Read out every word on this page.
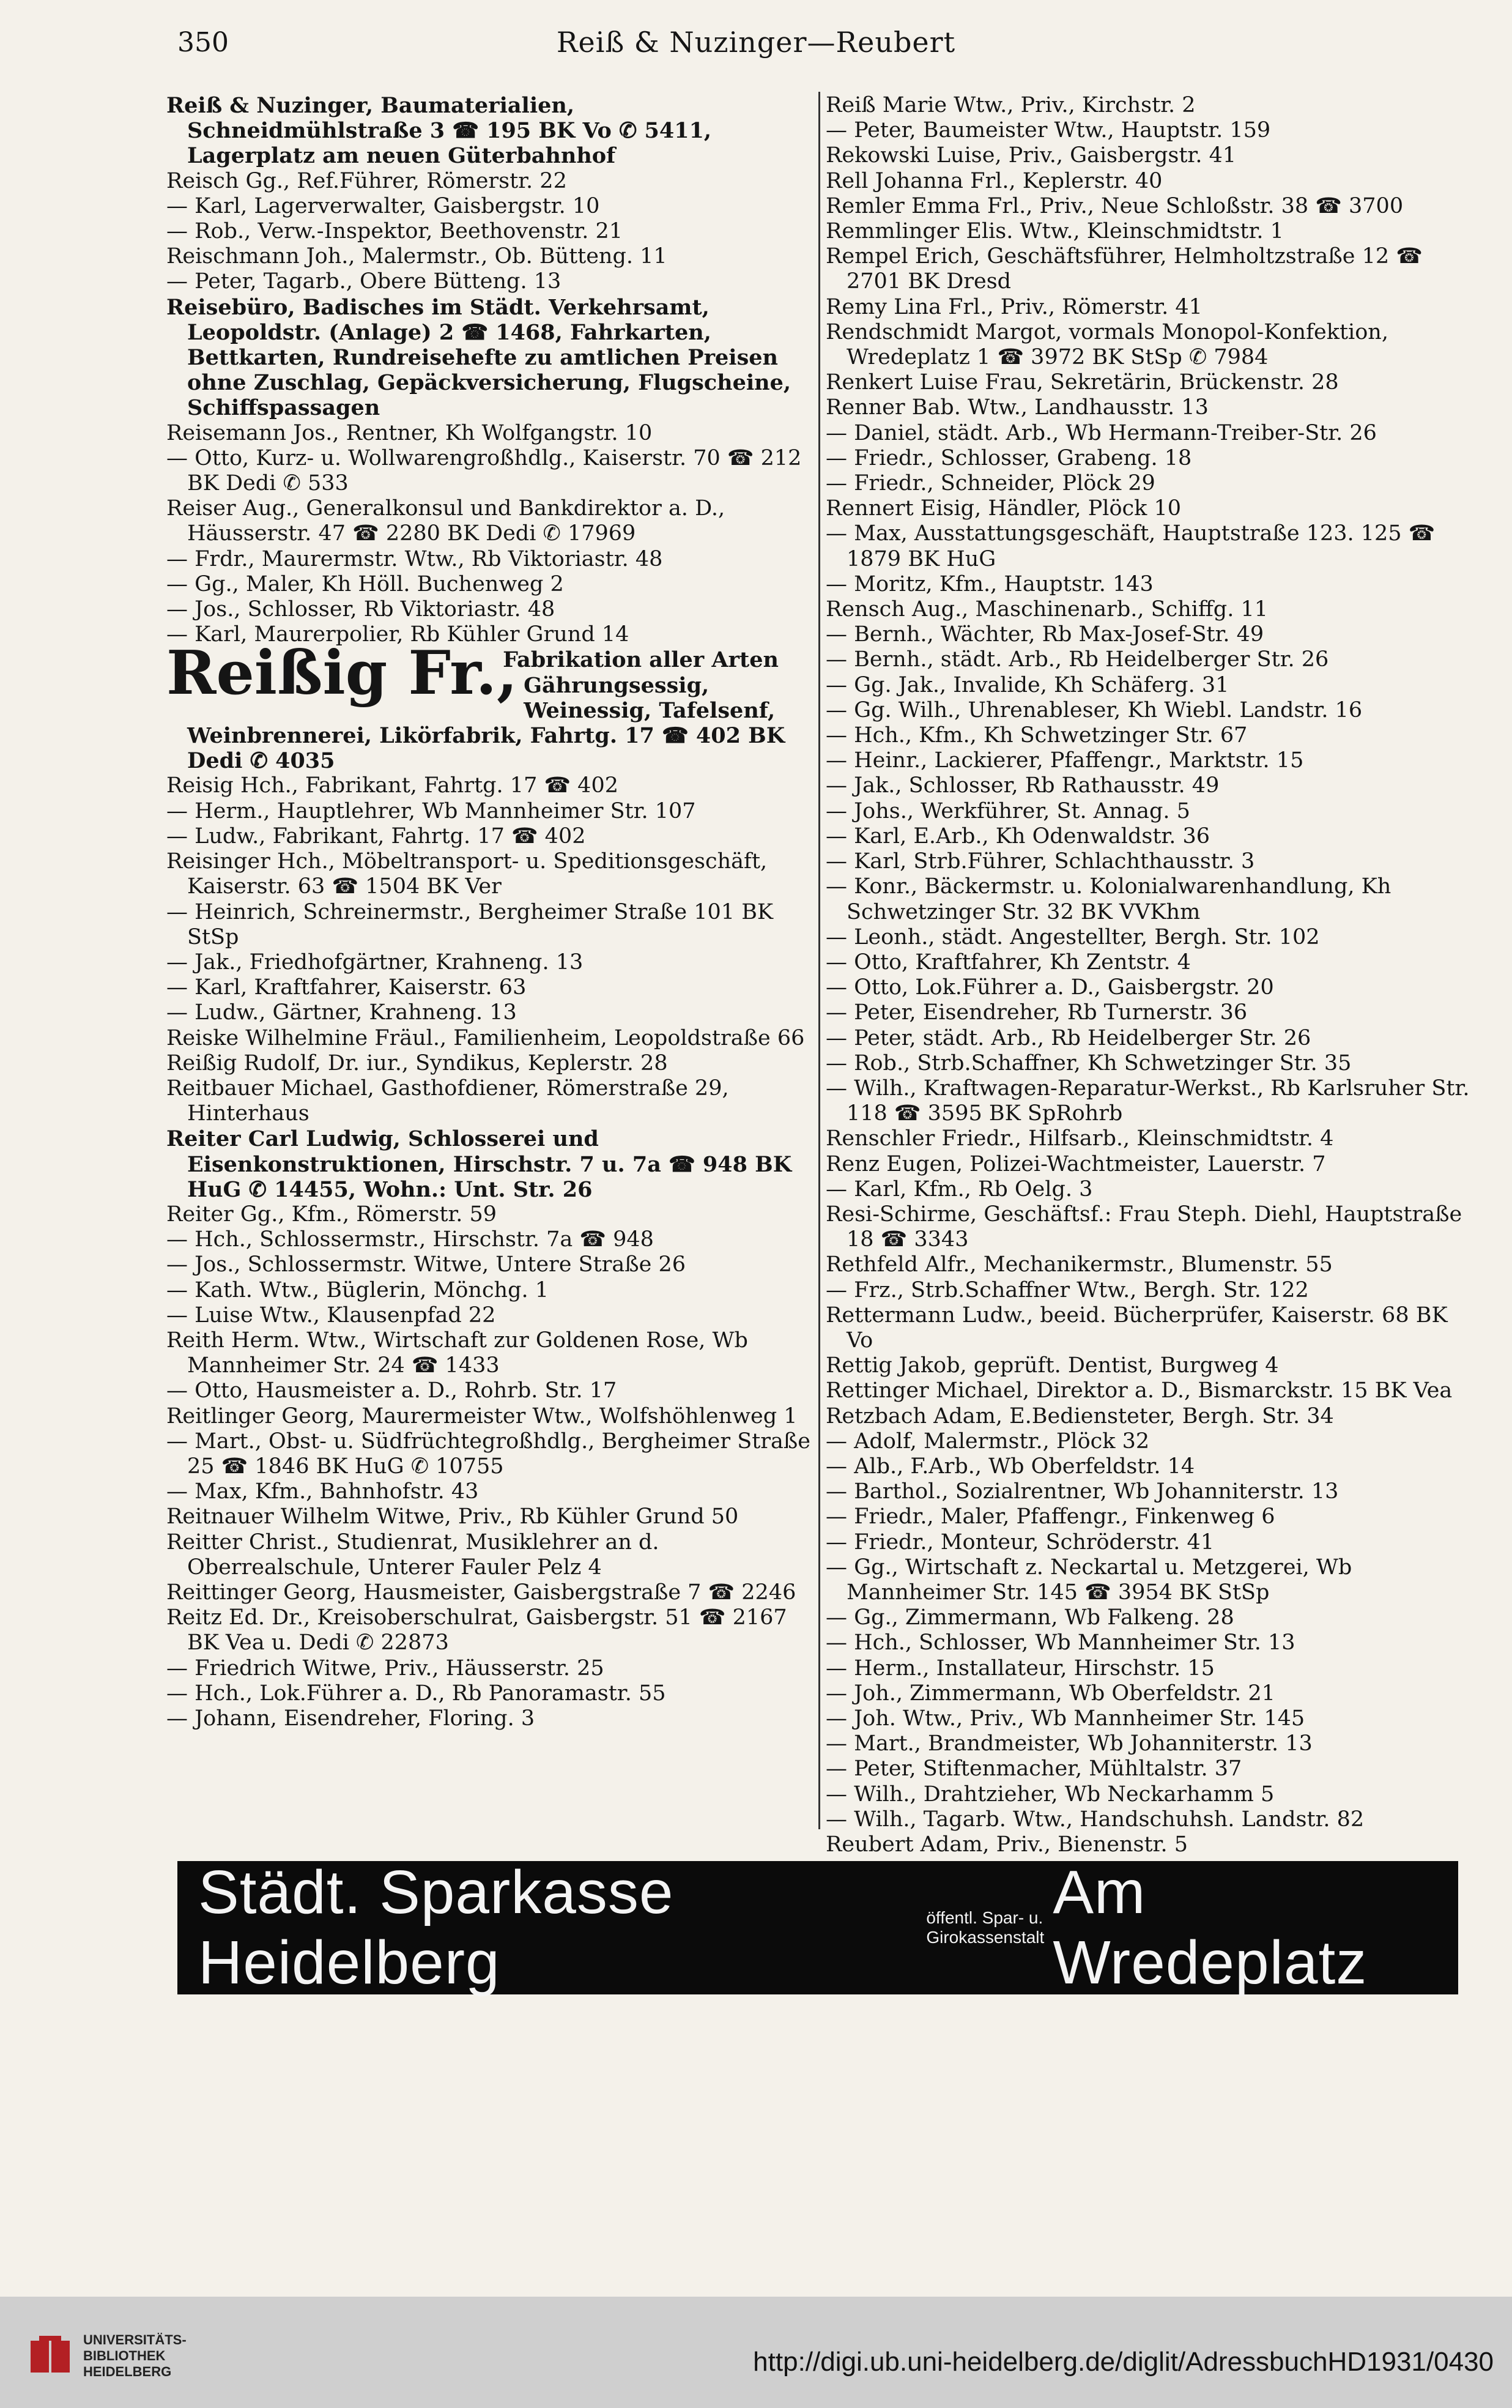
350	Reiß & Nuzinger—Reubert

Reiß & Nuzinger, Baumaterialien, Schneidmühlstraße 3 ☎ 195 BK Vo ✆ 5411, Lagerplatz am neuen Güterbahnhof

Reisch Gg., Ref.Führer, Römerstr. 22

— Karl, Lagerverwalter, Gaisbergstr. 10

— Rob., Verw.-Inspektor, Beethovenstr. 21

Reischmann Joh., Malermstr., Ob. Bütteng. 11

— Peter, Tagarb., Obere Bütteng. 13

Reisebüro, Badisches im Städt. Verkehrsamt, Leopoldstr. (Anlage) 2 ☎ 1468, Fahrkarten, Bettkarten, Rundreisehefte zu amtlichen Preisen ohne Zuschlag, Gepäckversicherung, Flugscheine, Schiffspassagen

Reisemann Jos., Rentner, Kh Wolfgangstr. 10

— Otto, Kurz- u. Wollwarengroßhdlg., Kaiserstr. 70 ☎ 212 BK Dedi ✆ 533

Reiser Aug., Generalkonsul und Bankdirektor a. D., Häusserstr. 47 ☎ 2280 BK Dedi ✆ 17969

— Frdr., Maurermstr. Wtw., Rb Viktoriastr. 48

— Gg., Maler, Kh Höll. Buchenweg 2

— Jos., Schlosser, Rb Viktoriastr. 48

— Karl, Maurerpolier, Rb Kühler Grund 14

Reißig Fr.,
Fabrikation aller Arten Gährungsessig, Weinessig, Tafelsenf, Weinbrennerei, Likörfabrik, Fahrtg. 17 ☎ 402 BK Dedi ✆ 4035

Reisig Hch., Fabrikant, Fahrtg. 17 ☎ 402

— Herm., Hauptlehrer, Wb Mannheimer Str. 107

— Ludw., Fabrikant, Fahrtg. 17 ☎ 402

Reisinger Hch., Möbeltransport- u. Speditionsgeschäft, Kaiserstr. 63 ☎ 1504 BK Ver

— Heinrich, Schreinermstr., Bergheimer Straße 101 BK StSp

— Jak., Friedhofgärtner, Krahneng. 13

— Karl, Kraftfahrer, Kaiserstr. 63

— Ludw., Gärtner, Krahneng. 13

Reiske Wilhelmine Fräul., Familienheim, Leopoldstraße 66

Reißig Rudolf, Dr. iur., Syndikus, Keplerstr. 28

Reitbauer Michael, Gasthofdiener, Römerstraße 29, Hinterhaus

Reiter Carl Ludwig, Schlosserei und Eisenkonstruktionen, Hirschstr. 7 u. 7a ☎ 948 BK HuG ✆ 14455, Wohn.: Unt. Str. 26

Reiter Gg., Kfm., Römerstr. 59

— Hch., Schlossermstr., Hirschstr. 7a ☎ 948

— Jos., Schlossermstr. Witwe, Untere Straße 26

— Kath. Wtw., Büglerin, Mönchg. 1

— Luise Wtw., Klausenpfad 22

Reith Herm. Wtw., Wirtschaft zur Goldenen Rose, Wb Mannheimer Str. 24 ☎ 1433

— Otto, Hausmeister a. D., Rohrb. Str. 17

Reitlinger Georg, Maurermeister Wtw., Wolfshöhlenweg 1

— Mart., Obst- u. Südfrüchtegroßhdlg., Bergheimer Straße 25 ☎ 1846 BK HuG ✆ 10755

— Max, Kfm., Bahnhofstr. 43

Reitnauer Wilhelm Witwe, Priv., Rb Kühler Grund 50

Reitter Christ., Studienrat, Musiklehrer an d. Oberrealschule, Unterer Fauler Pelz 4

Reittinger Georg, Hausmeister, Gaisbergstraße 7 ☎ 2246

Reitz Ed. Dr., Kreisoberschulrat, Gaisbergstr. 51 ☎ 2167 BK Vea u. Dedi ✆ 22873

— Friedrich Witwe, Priv., Häusserstr. 25

— Hch., Lok.Führer a. D., Rb Panoramastr. 55

— Johann, Eisendreher, Floring. 3

Reiß Marie Wtw., Priv., Kirchstr. 2

— Peter, Baumeister Wtw., Hauptstr. 159

Rekowski Luise, Priv., Gaisbergstr. 41

Rell Johanna Frl., Keplerstr. 40

Remler Emma Frl., Priv., Neue Schloßstr. 38 ☎ 3700

Remmlinger Elis. Wtw., Kleinschmidtstr. 1

Rempel Erich, Geschäftsführer, Helmholtzstraße 12 ☎ 2701 BK Dresd

Remy Lina Frl., Priv., Römerstr. 41

Rendschmidt Margot, vormals Monopol-Konfektion, Wredeplatz 1 ☎ 3972 BK StSp ✆ 7984

Renkert Luise Frau, Sekretärin, Brückenstr. 28

Renner Bab. Wtw., Landhausstr. 13

— Daniel, städt. Arb., Wb Hermann-Treiber-Str. 26

— Friedr., Schlosser, Grabeng. 18

— Friedr., Schneider, Plöck 29

Rennert Eisig, Händler, Plöck 10

— Max, Ausstattungsgeschäft, Hauptstraße 123. 125 ☎ 1879 BK HuG

— Moritz, Kfm., Hauptstr. 143

Rensch Aug., Maschinenarb., Schiffg. 11

— Bernh., Wächter, Rb Max-Josef-Str. 49

— Bernh., städt. Arb., Rb Heidelberger Str. 26

— Gg. Jak., Invalide, Kh Schäferg. 31

— Gg. Wilh., Uhrenableser, Kh Wiebl. Landstr. 16

— Hch., Kfm., Kh Schwetzinger Str. 67

— Heinr., Lackierer, Pfaffengr., Marktstr. 15

— Jak., Schlosser, Rb Rathausstr. 49

— Johs., Werkführer, St. Annag. 5

— Karl, E.Arb., Kh Odenwaldstr. 36

— Karl, Strb.Führer, Schlachthausstr. 3

— Konr., Bäckermstr. u. Kolonialwarenhandlung, Kh Schwetzinger Str. 32 BK VVKhm

— Leonh., städt. Angestellter, Bergh. Str. 102

— Otto, Kraftfahrer, Kh Zentstr. 4

— Otto, Lok.Führer a. D., Gaisbergstr. 20

— Peter, Eisendreher, Rb Turnerstr. 36

— Peter, städt. Arb., Rb Heidelberger Str. 26

— Rob., Strb.Schaffner, Kh Schwetzinger Str. 35

— Wilh., Kraftwagen-Reparatur-Werkst., Rb Karlsruher Str. 118 ☎ 3595 BK SpRohrb

Renschler Friedr., Hilfsarb., Kleinschmidtstr. 4

Renz Eugen, Polizei-Wachtmeister, Lauerstr. 7

— Karl, Kfm., Rb Oelg. 3

Resi-Schirme, Geschäftsf.: Frau Steph. Diehl, Hauptstraße 18 ☎ 3343

Rethfeld Alfr., Mechanikermstr., Blumenstr. 55

— Frz., Strb.Schaffner Wtw., Bergh. Str. 122

Rettermann Ludw., beeid. Bücherprüfer, Kaiserstr. 68 BK Vo

Rettig Jakob, geprüft. Dentist, Burgweg 4

Rettinger Michael, Direktor a. D., Bismarckstr. 15 BK Vea

Retzbach Adam, E.Bediensteter, Bergh. Str. 34

— Adolf, Malermstr., Plöck 32

— Alb., F.Arb., Wb Oberfeldstr. 14

— Barthol., Sozialrentner, Wb Johanniterstr. 13

— Friedr., Maler, Pfaffengr., Finkenweg 6

— Friedr., Monteur, Schröderstr. 41

— Gg., Wirtschaft z. Neckartal u. Metzgerei, Wb Mannheimer Str. 145 ☎ 3954 BK StSp

— Gg., Zimmermann, Wb Falkeng. 28

— Hch., Schlosser, Wb Mannheimer Str. 13

— Herm., Installateur, Hirschstr. 15

— Joh., Zimmermann, Wb Oberfeldstr. 21

— Joh. Wtw., Priv., Wb Mannheimer Str. 145

— Mart., Brandmeister, Wb Johanniterstr. 13

— Peter, Stiftenmacher, Mühltalstr. 37

— Wilh., Drahtzieher, Wb Neckarhamm 5

— Wilh., Tagarb. Wtw., Handschuhsh. Landstr. 82

Reubert Adam, Priv., Bienenstr. 5

Städt. Sparkasse Heidelberg
öffentl. Spar- u.
Girokassenstalt
Am Wredeplatz
UNIVERSITÄTS-
BIBLIOTHEK
HEIDELBERG	http://digi.ub.uni-heidelberg.de/diglit/AdressbuchHD1931/0430
